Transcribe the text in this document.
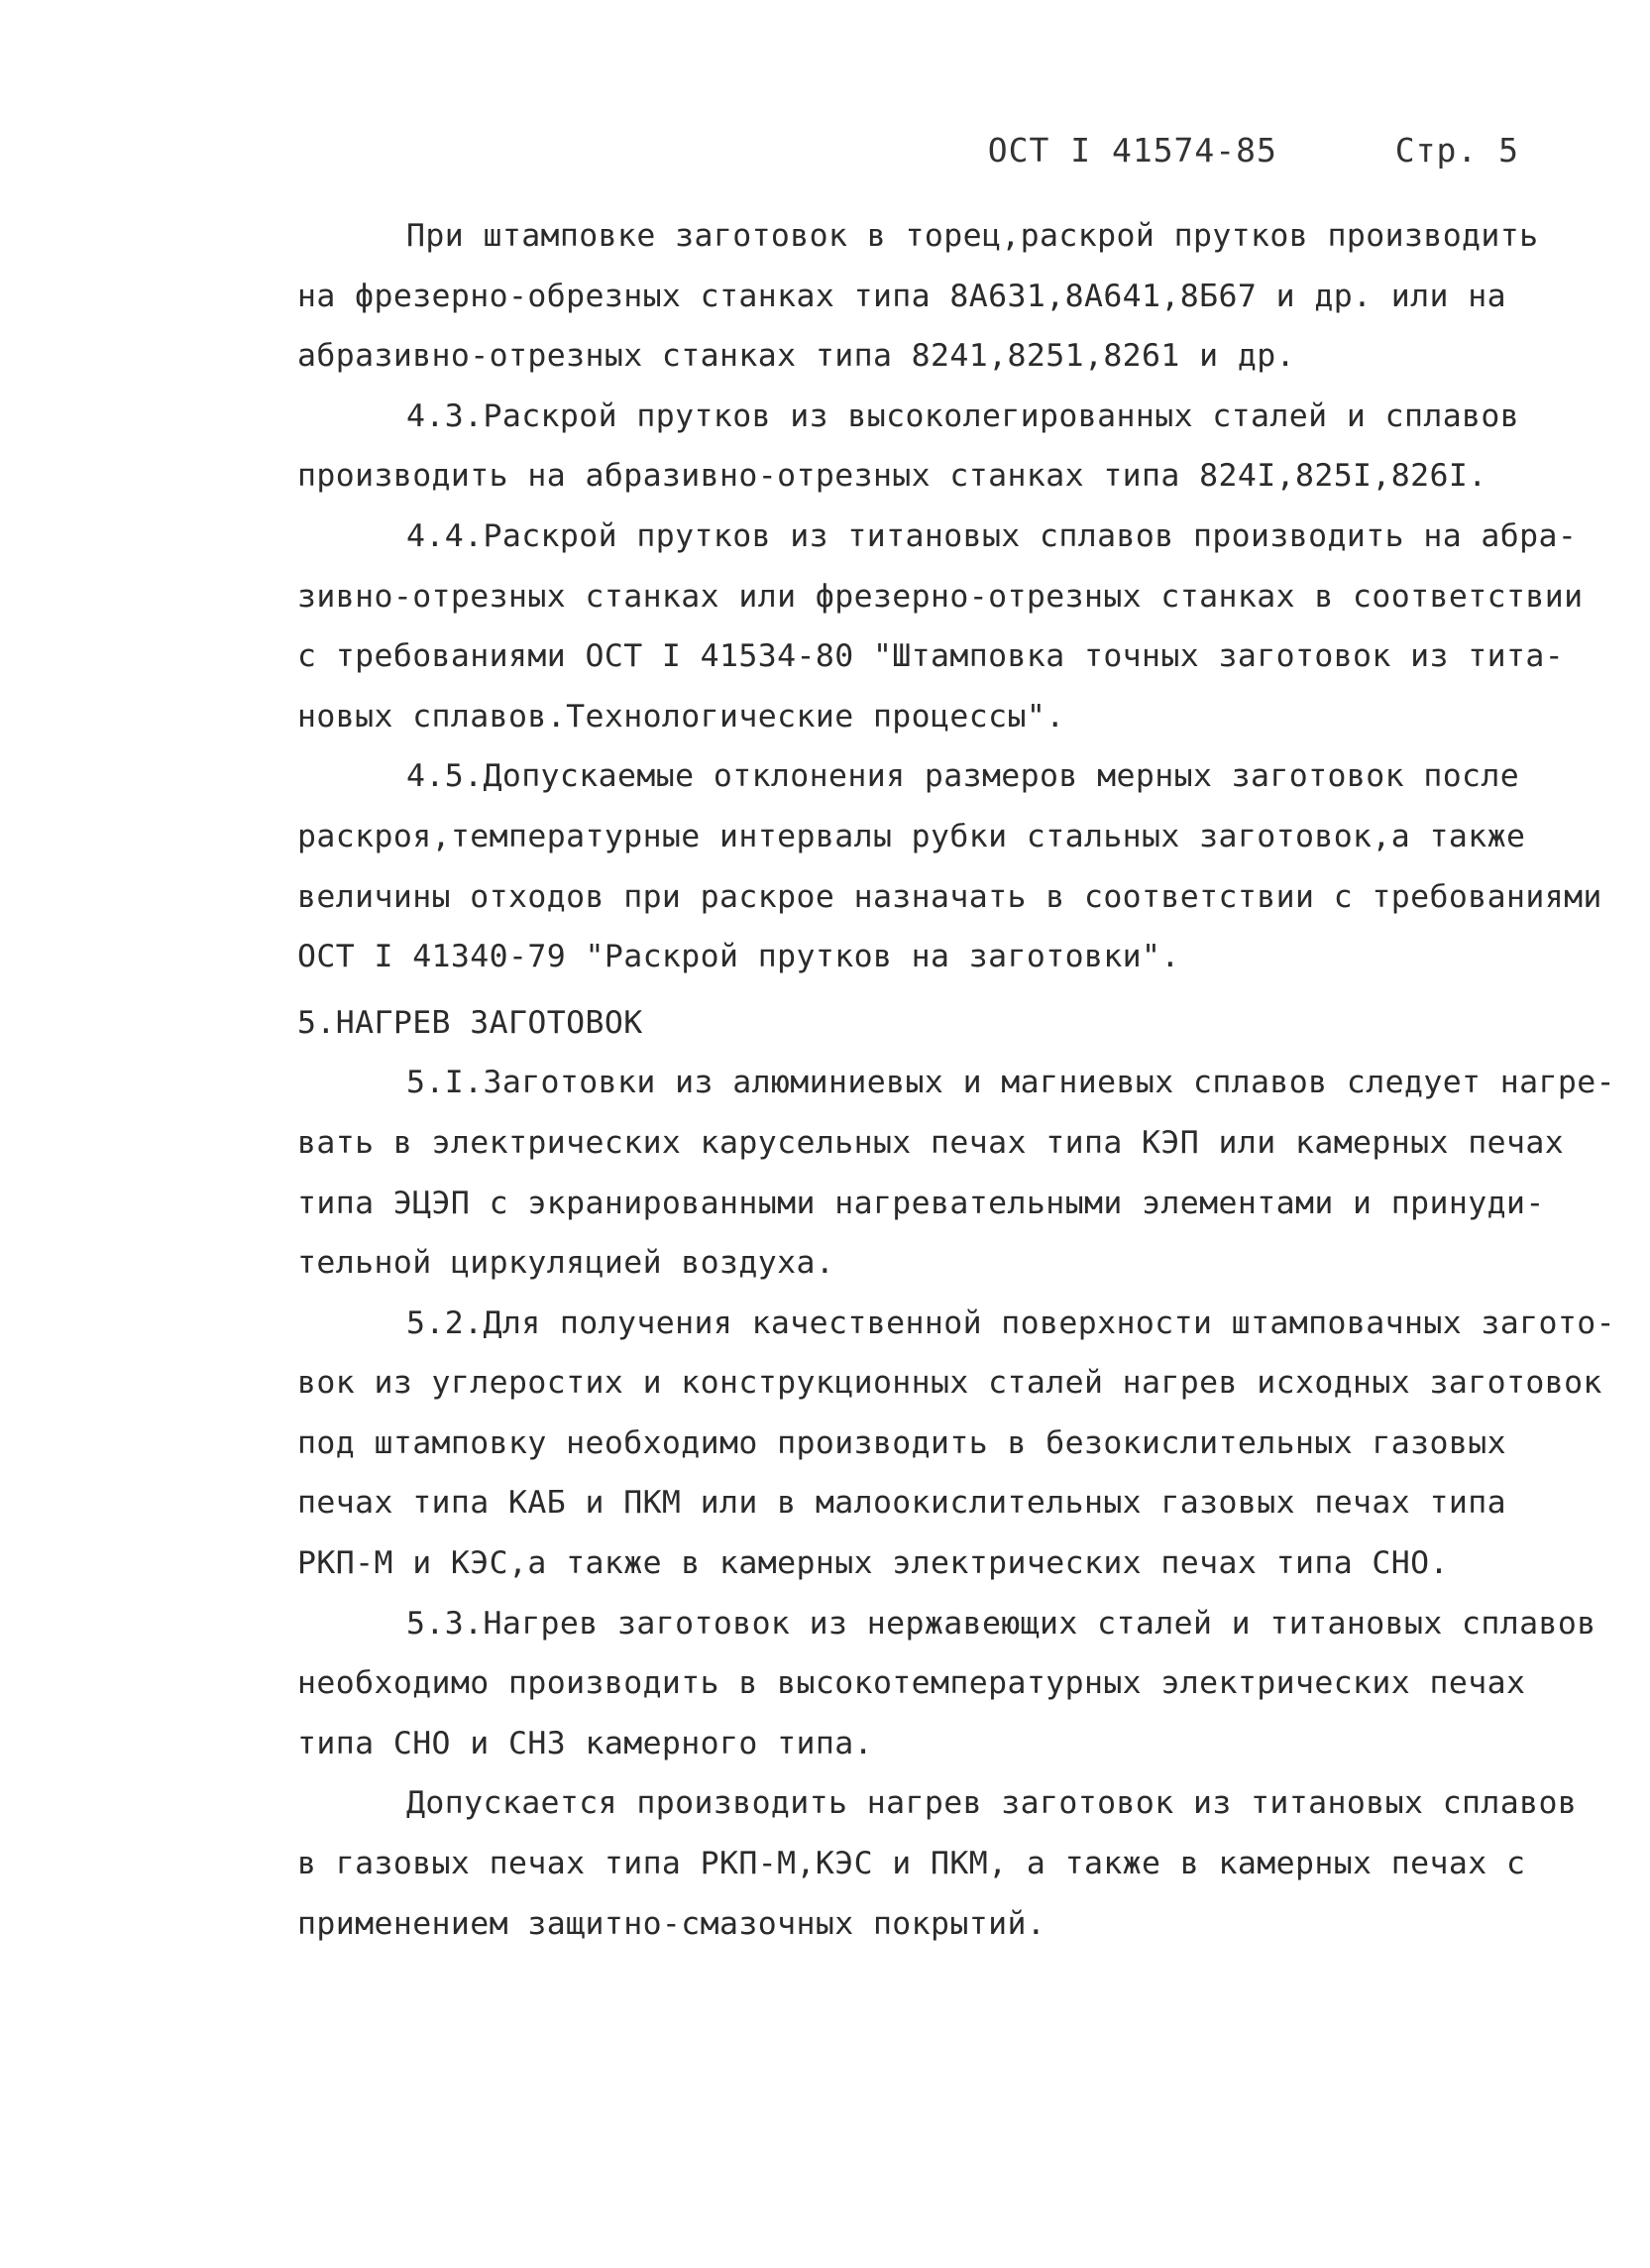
ОСТ I 41574-85	Стр. 5
При штамповке заготовок в торец,раскрой прутков производить
на фрезерно-обрезных станках типа 8А631,8А641,8Б67 и др. или на
абразивно-отрезных станках типа 8241,8251,8261 и др.
4.3.Раскрой прутков из высоколегированных сталей и сплавов
производить на абразивно-отрезных станках типа 824I,825I,826I.
4.4.Раскрой прутков из титановых сплавов производить на абра-
зивно-отрезных станках или фрезерно-отрезных станках в соответствии
с требованиями ОСТ I 41534-80 "Штамповка точных заготовок из тита-
новых сплавов.Технологические процессы".
4.5.Допускаемые отклонения размеров мерных заготовок после
раскроя,температурные интервалы рубки стальных заготовок,а также
величины отходов при раскрое назначать в соответствии с требованиями
ОСТ I 41340-79 "Раскрой прутков на заготовки".
5.НАГРЕВ ЗАГОТОВОК
5.I.Заготовки из алюминиевых и магниевых сплавов следует нагре-
вать в электрических карусельных печах типа КЭП или камерных печах
типа ЭЦЭП с экранированными нагревательными элементами и принуди-
тельной циркуляцией воздуха.
5.2.Для получения качественной поверхности штамповачных загото-
вок из углеростих и конструкционных сталей нагрев исходных заготовок
под штамповку необходимо производить в безокислительных газовых
печах типа КАБ и ПКМ или в малоокислительных газовых печах типа
РКП-М и КЭС,а также в камерных электрических печах типа СНО.
5.3.Нагрев заготовок из нержавеющих сталей и титановых сплавов
необходимо производить в высокотемпературных электрических печах
типа СНО и СНЗ камерного типа.
Допускается производить нагрев заготовок из титановых сплавов
в газовых печах типа РКП-М,КЭС и ПКМ, а также в камерных печах с
применением защитно-смазочных покрытий.
